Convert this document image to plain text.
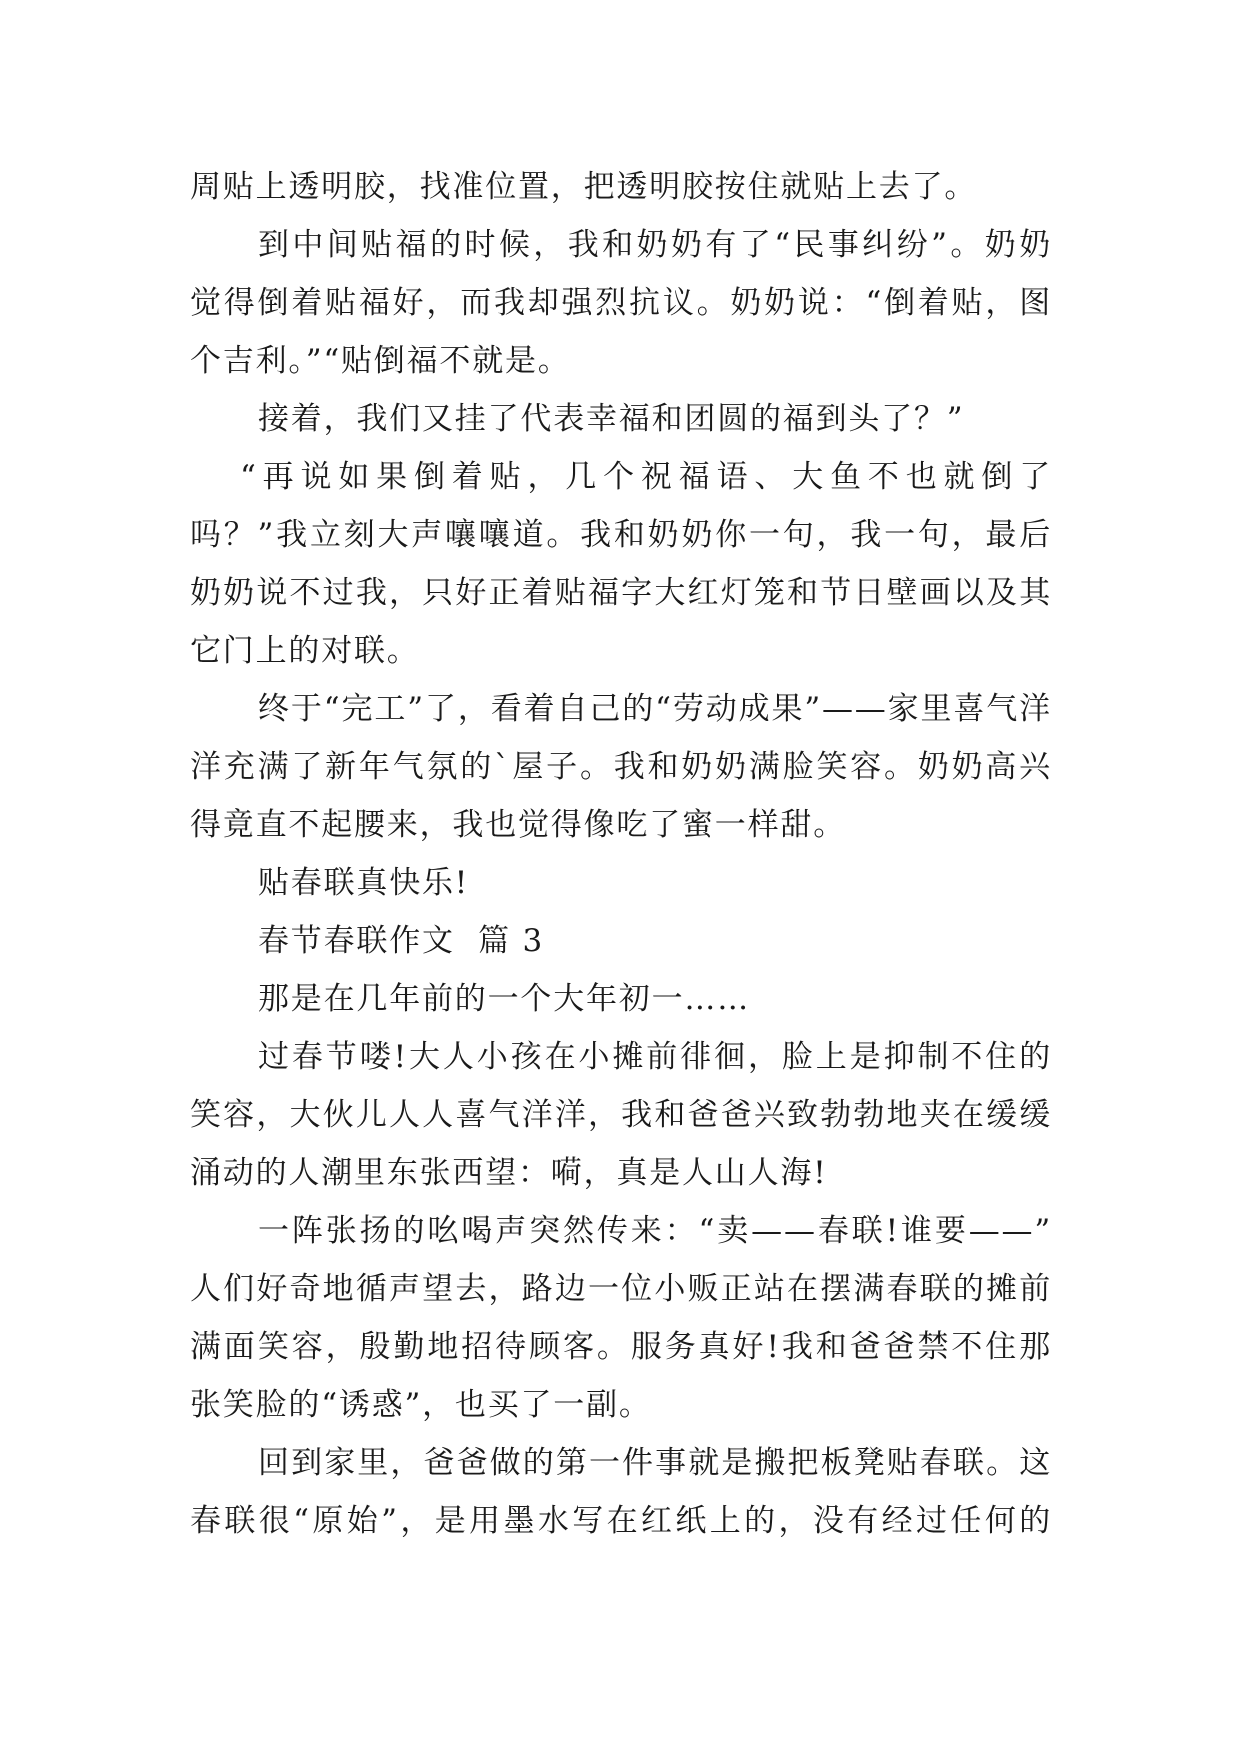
周贴上透明胶，找准位置，把透明胶按住就贴上去了。
到中间贴福的时候，我和奶奶有了“民事纠纷”。奶奶
觉得倒着贴福好，而我却强烈抗议。奶奶说：“倒着贴，图
个吉利。”“贴倒福不就是。
接着，我们又挂了代表幸福和团圆的福到头了？”
“再说如果倒着贴，几个祝福语、大鱼不也就倒了
吗？”我立刻大声嚷嚷道。我和奶奶你一句，我一句，最后
奶奶说不过我，只好正着贴福字大红灯笼和节日壁画以及其
它门上的对联。
终于“完工”了，看着自己的“劳动成果”——家里喜气洋
洋充满了新年气氛的`屋子。我和奶奶满脸笑容。奶奶高兴
得竟直不起腰来，我也觉得像吃了蜜一样甜。
贴春联真快乐!
春节春联作文  篇 3
那是在几年前的一个大年初一……
过春节喽!大人小孩在小摊前徘徊，脸上是抑制不住的
笑容，大伙儿人人喜气洋洋，我和爸爸兴致勃勃地夹在缓缓
涌动的人潮里东张西望：嗬，真是人山人海!
一阵张扬的吆喝声突然传来：“卖——春联!谁要——”
人们好奇地循声望去，路边一位小贩正站在摆满春联的摊前
满面笑容，殷勤地招待顾客。服务真好!我和爸爸禁不住那
张笑脸的“诱惑”，也买了一副。
回到家里，爸爸做的第一件事就是搬把板凳贴春联。这
春联很“原始”，是用墨水写在红纸上的，没有经过任何的
